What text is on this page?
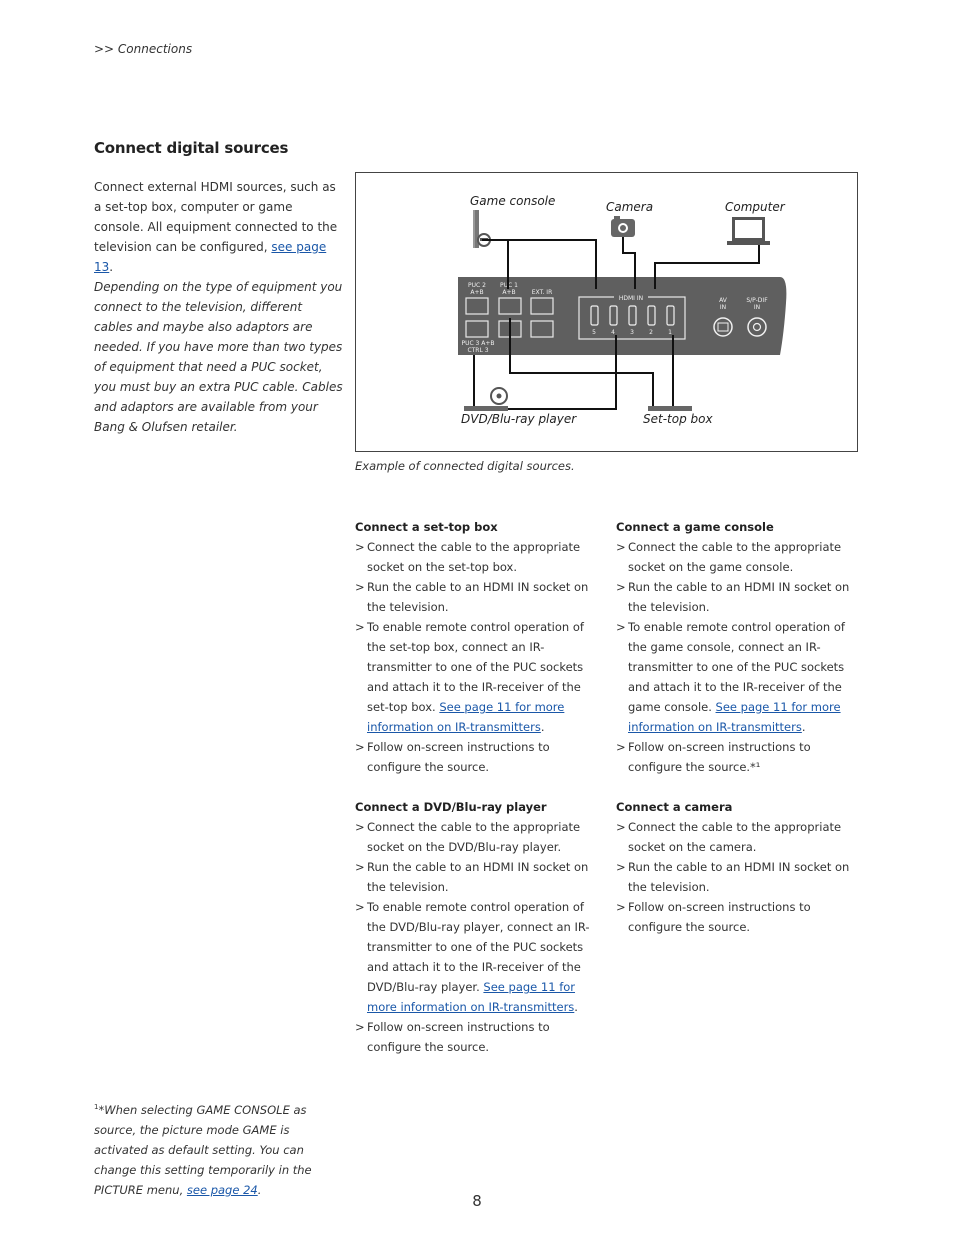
>> Connections
Connect digital sources
Connect external HDMI sources, such as a set-top box, computer or game console. All equipment connected to the television can be configured, see page 13.
Depending on the type of equipment you connect to the television, different cables and maybe also adaptors are needed. If you have more than two types of equipment that need a PUC socket, you must buy an extra PUC cable. Cables and adaptors are available from your Bang & Olufsen retailer.
Game console	Camera	Computer
DVD/Blu-ray player	Set-top box
PUC 2
A+B
PUC 1
A+B	EXT. IR
PUC 3 A+B
CTRL 3
HDMI IN
5	4	3	2	1
AV
IN
S/P-DIF
IN
Example of connected digital sources.
Connect a set-top box
> Connect the cable to the appropriate socket on the set-top box.
> Run the cable to an HDMI IN socket on the television.
> To enable remote control operation of the set-top box, connect an IR-transmitter to one of the PUC sockets and attach it to the IR-receiver of the set-top box. See page 11 for more information on IR-transmitters.
> Follow on-screen instructions to configure the source.
Connect a game console
> Connect the cable to the appropriate socket on the game console.
> Run the cable to an HDMI IN socket on the television.
> To enable remote control operation of the game console, connect an IR-transmitter to one of the PUC sockets and attach it to the IR-receiver of the game console. See page 11 for more information on IR-transmitters.
> Follow on-screen instructions to configure the source.*¹
Connect a DVD/Blu-ray player
> Connect the cable to the appropriate socket on the DVD/Blu-ray player.
> Run the cable to an HDMI IN socket on the television.
> To enable remote control operation of the DVD/Blu-ray player, connect an IR-transmitter to one of the PUC sockets and attach it to the IR-receiver of the DVD/Blu-ray player. See page 11 for more information on IR-transmitters.
> Follow on-screen instructions to configure the source.
Connect a camera
> Connect the cable to the appropriate socket on the camera.
> Run the cable to an HDMI IN socket on the television.
> Follow on-screen instructions to configure the source.
$^1$*When selecting GAME CONSOLE as source, the picture mode GAME is activated as default setting. You can change this setting temporarily in the PICTURE menu, see page 24.
8
